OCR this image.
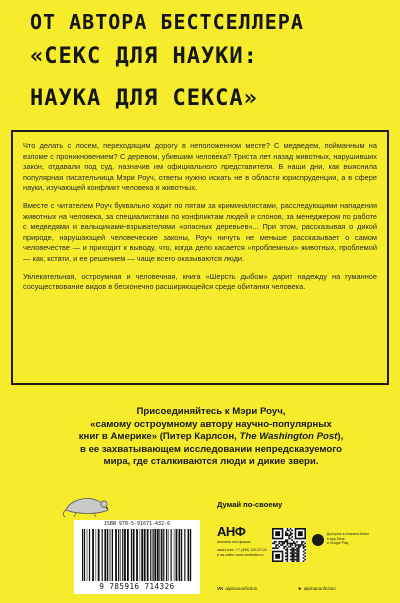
ОТ АВТОРА БЕСТСЕЛЛЕРА
«СЕКС ДЛЯ НАУКИ:
НАУКА ДЛЯ СЕКСА»

Что делать с лосем, переходящим дорогу в неположенном месте? С медведем, пойманным на взломе с проникновением? С деревом, убившим человека? Триста лет назад животных, нарушивших закон, отдавали под суд, назначив им официального представителя. В наши дни, как выяснила популярная писательница Мэри Роуч, ответы нужно искать не в области юриспруденции, а в сфере науки, изучающей конфликт человека и животных.

Вместе с читателем Роуч буквально ходит по пятам за криминалистами, расследующими нападения животных на человека, за специалистами по конфликтам людей и слонов, за менеджером по работе с медведями и вальщиками-взрывателями «опасных деревьев»... При этом, рассказывая о дикой природе, нарушающей человеческие законы, Роуч ничуть не меньше рассказывает о самом человечестве — и приходит к выводу, что, когда дело касается «проблемных» животных, проблемой — как, кстати, и ее решением — чаще всего оказываются люди.

Увлекательная, остроумная и человечная, книга «Шерсть дыбом» дарит надежду на гуманное сосуществование видов в бесконечно расширяющейся среде обитания человека.

Присоединяйтесь к Мэри Роуч,
«самому остроумному автору научно-популярных
книг в Америке» (Питер Карлсон, The Washington Post),
в ее захватывающем исследовании непредсказуемого
мира, где сталкиваются люди и дикие звери.
ISBN 978-5-91671-432-6
9 785916 714326
Думай по-своему
АНФ
альпина нон-фикшн
заказ книг: +7 (495) 120-07-04
и на сайте www.nonfiction.ru
Доступно в Альпина.Книги
в App Store
и Google Play
VK alpinanonfiction	➤ alpinanonfiction
